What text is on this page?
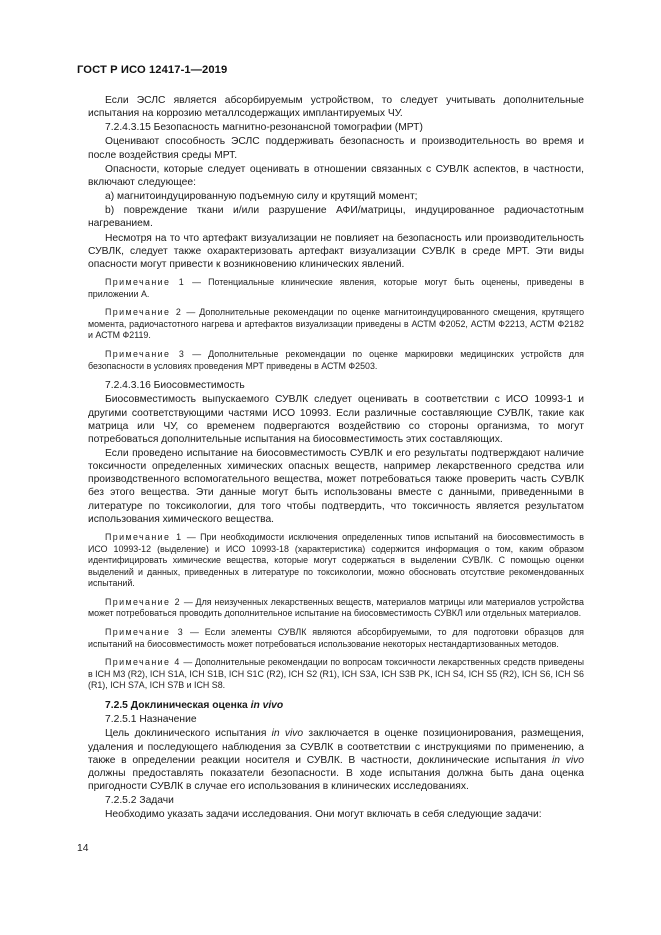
ГОСТ Р ИСО 12417-1—2019
Если ЭСЛС является абсорбируемым устройством, то следует учитывать дополнительные испытания на коррозию металлсодержащих имплантируемых ЧУ.
7.2.4.3.15 Безопасность магнитно-резонансной томографии (МРТ)
Оценивают способность ЭСЛС поддерживать безопасность и производительность во время и после воздействия среды МРТ.
Опасности, которые следует оценивать в отношении связанных с СУВЛК аспектов, в частности, включают следующее:
a) магнитоиндуцированную подъемную силу и крутящий момент;
b) повреждение ткани и/или разрушение АФИ/матрицы, индуцированное радиочастотным нагреванием.
Несмотря на то что артефакт визуализации не повлияет на безопасность или производительность СУВЛК, следует также охарактеризовать артефакт визуализации СУВЛК в среде МРТ. Эти виды опасности могут привести к возникновению клинических явлений.
Примечание 1 — Потенциальные клинические явления, которые могут быть оценены, приведены в приложении А.
Примечание 2 — Дополнительные рекомендации по оценке магнитоиндуцированного смещения, крутящего момента, радиочастотного нагрева и артефактов визуализации приведены в АСТМ Ф2052, АСТМ Ф2213, АСТМ Ф2182 и АСТМ Ф2119.
Примечание 3 — Дополнительные рекомендации по оценке маркировки медицинских устройств для безопасности в условиях проведения МРТ приведены в АСТМ Ф2503.
7.2.4.3.16 Биосовместимость
Биосовместимость выпускаемого СУВЛК следует оценивать в соответствии с ИСО 10993-1 и другими соответствующими частями ИСО 10993. Если различные составляющие СУВЛК, такие как матрица или ЧУ, со временем подвергаются воздействию со стороны организма, то могут потребоваться дополнительные испытания на биосовместимость этих составляющих.
Если проведено испытание на биосовместимость СУВЛК и его результаты подтверждают наличие токсичности определенных химических опасных веществ, например лекарственного средства или производственного вспомогательного вещества, может потребоваться также проверить часть СУВЛК без этого вещества. Эти данные могут быть использованы вместе с данными, приведенными в литературе по токсикологии, для того чтобы подтвердить, что токсичность является результатом использования химического вещества.
Примечание 1 — При необходимости исключения определенных типов испытаний на биосовместимость в ИСО 10993-12 (выделение) и ИСО 10993-18 (характеристика) содержится информация о том, каким образом идентифицировать химические вещества, которые могут содержаться в выделении СУВЛК. С помощью оценки выделений и данных, приведенных в литературе по токсикологии, можно обосновать отсутствие рекомендованных испытаний.
Примечание 2 — Для неизученных лекарственных веществ, материалов матрицы или материалов устройства может потребоваться проводить дополнительное испытание на биосовместимость СУВКЛ или отдельных материалов.
Примечание 3 — Если элементы СУВЛК являются абсорбируемыми, то для подготовки образцов для испытаний на биосовместимость может потребоваться использование некоторых нестандартизованных методов.
Примечание 4 — Дополнительные рекомендации по вопросам токсичности лекарственных средств приведены в ICH M3 (R2), ICH S1A, ICH S1B, ICH S1C (R2), ICH S2 (R1), ICH S3A, ICH S3B PK, ICH S4, ICH S5 (R2), ICH S6, ICH S6 (R1), ICH S7A, ICH S7B и ICH S8.
7.2.5 Доклиническая оценка in vivo
7.2.5.1 Назначение
Цель доклинического испытания in vivo заключается в оценке позиционирования, размещения, удаления и последующего наблюдения за СУВЛК в соответствии с инструкциями по применению, а также в определении реакции носителя и СУВЛК. В частности, доклинические испытания in vivo должны предоставлять показатели безопасности. В ходе испытания должна быть дана оценка пригодности СУВЛК в случае его использования в клинических исследованиях.
7.2.5.2 Задачи
Необходимо указать задачи исследования. Они могут включать в себя следующие задачи:
14
